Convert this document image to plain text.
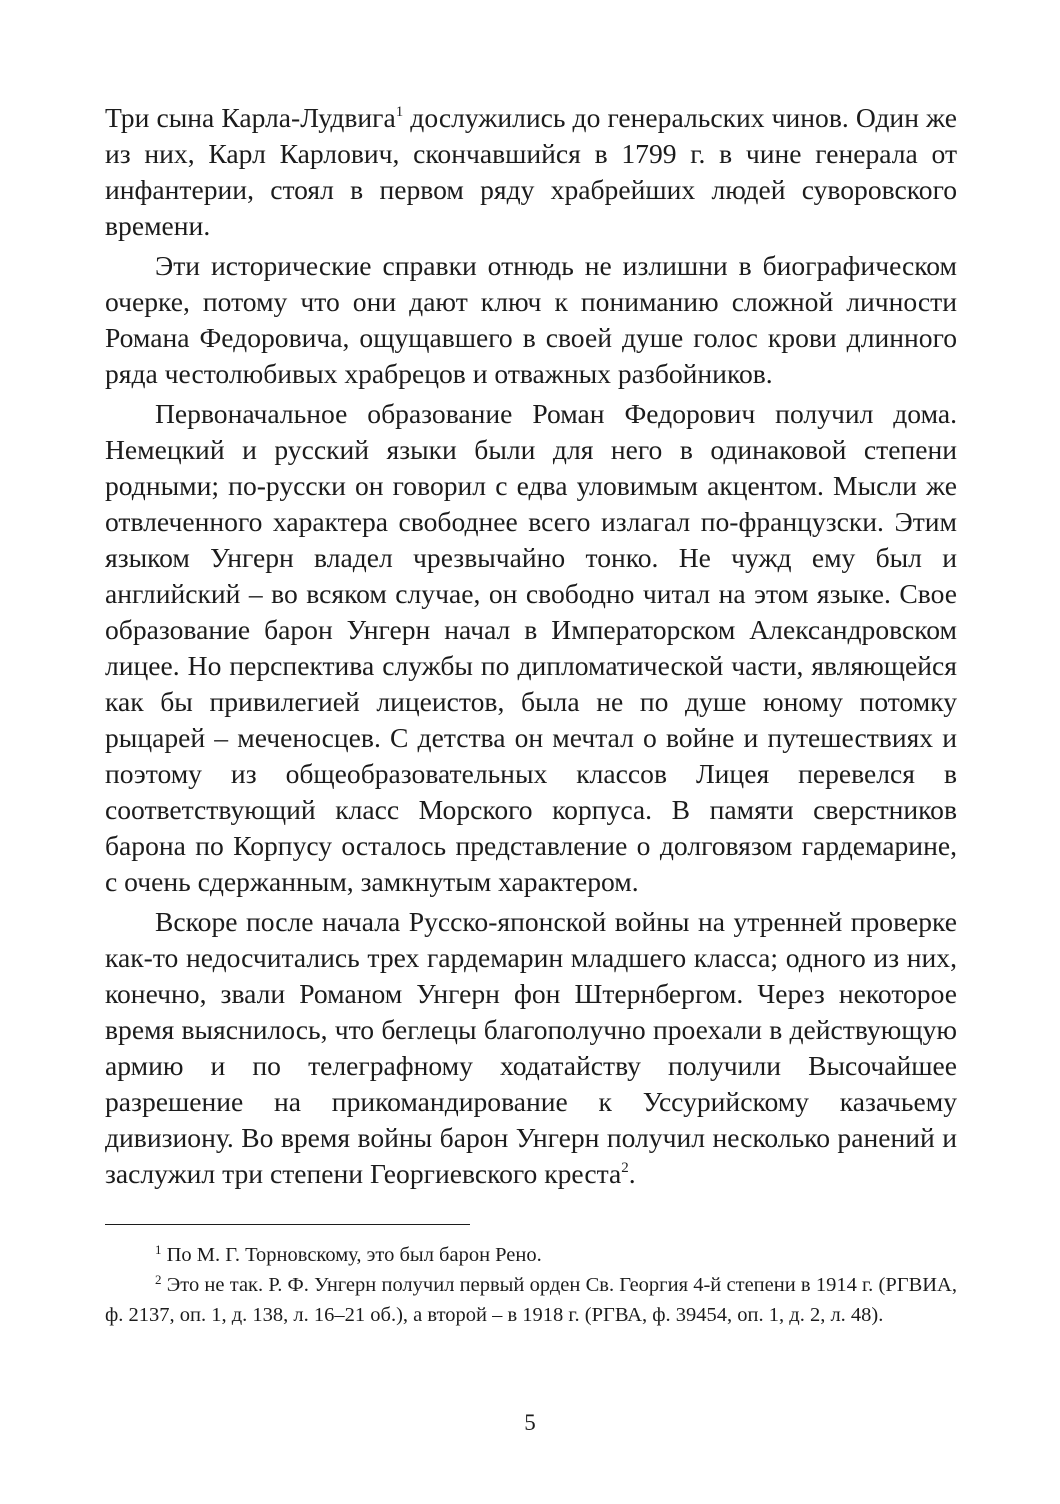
Три сына Карла-Лудвига$^1$ дослужились до генеральских чинов. Один же из них, Карл Карлович, скончавшийся в 1799 г. в чине генерала от инфантерии, стоял в первом ряду храбрейших людей суворовского времени.

Эти исторические справки отнюдь не излишни в биографическом очерке, потому что они дают ключ к пониманию сложной личности Романа Федоровича, ощущавшего в своей душе голос крови длинного ряда честолюбивых храбрецов и отважных разбойников.

Первоначальное образование Роман Федорович получил дома. Немецкий и русский языки были для него в одинаковой степени родными; по-русски он говорил с едва уловимым акцентом. Мысли же отвлеченного характера свободнее всего излагал по-французски. Этим языком Унгерн владел чрезвычайно тонко. Не чужд ему был и английский – во всяком случае, он свободно читал на этом языке. Свое образование барон Унгерн начал в Императорском Александровском лицее. Но перспектива службы по дипломатической части, являющейся как бы привилегией лицеистов, была не по душе юному потомку рыцарей – меченосцев. С детства он мечтал о войне и путешествиях и поэтому из общеобразовательных классов Лицея перевелся в соответствующий класс Морского корпуса. В памяти сверстников барона по Корпусу осталось представление о долговязом гардемарине, с очень сдержанным, замкнутым характером.

Вскоре после начала Русско-японской войны на утренней проверке как-то недосчитались трех гардемарин младшего класса; одного из них, конечно, звали Романом Унгерн фон Штернбергом. Через некоторое время выяснилось, что беглецы благополучно проехали в действующую армию и по телеграфному ходатайству получили Высочайшее разрешение на прикомандирование к Уссурийскому казачьему дивизиону. Во время войны барон Унгерн получил несколько ранений и заслужил три степени Георгиевского креста$^2$.

$^1$ По М. Г. Торновскому, это был барон Рено.

$^2$ Это не так. Р. Ф. Унгерн получил первый орден Св. Георгия 4-й степени в 1914 г. (РГВИА, ф. 2137, оп. 1, д. 138, л. 16–21 об.), а второй – в 1918 г. (РГВА, ф. 39454, оп. 1, д. 2, л. 48).

5
